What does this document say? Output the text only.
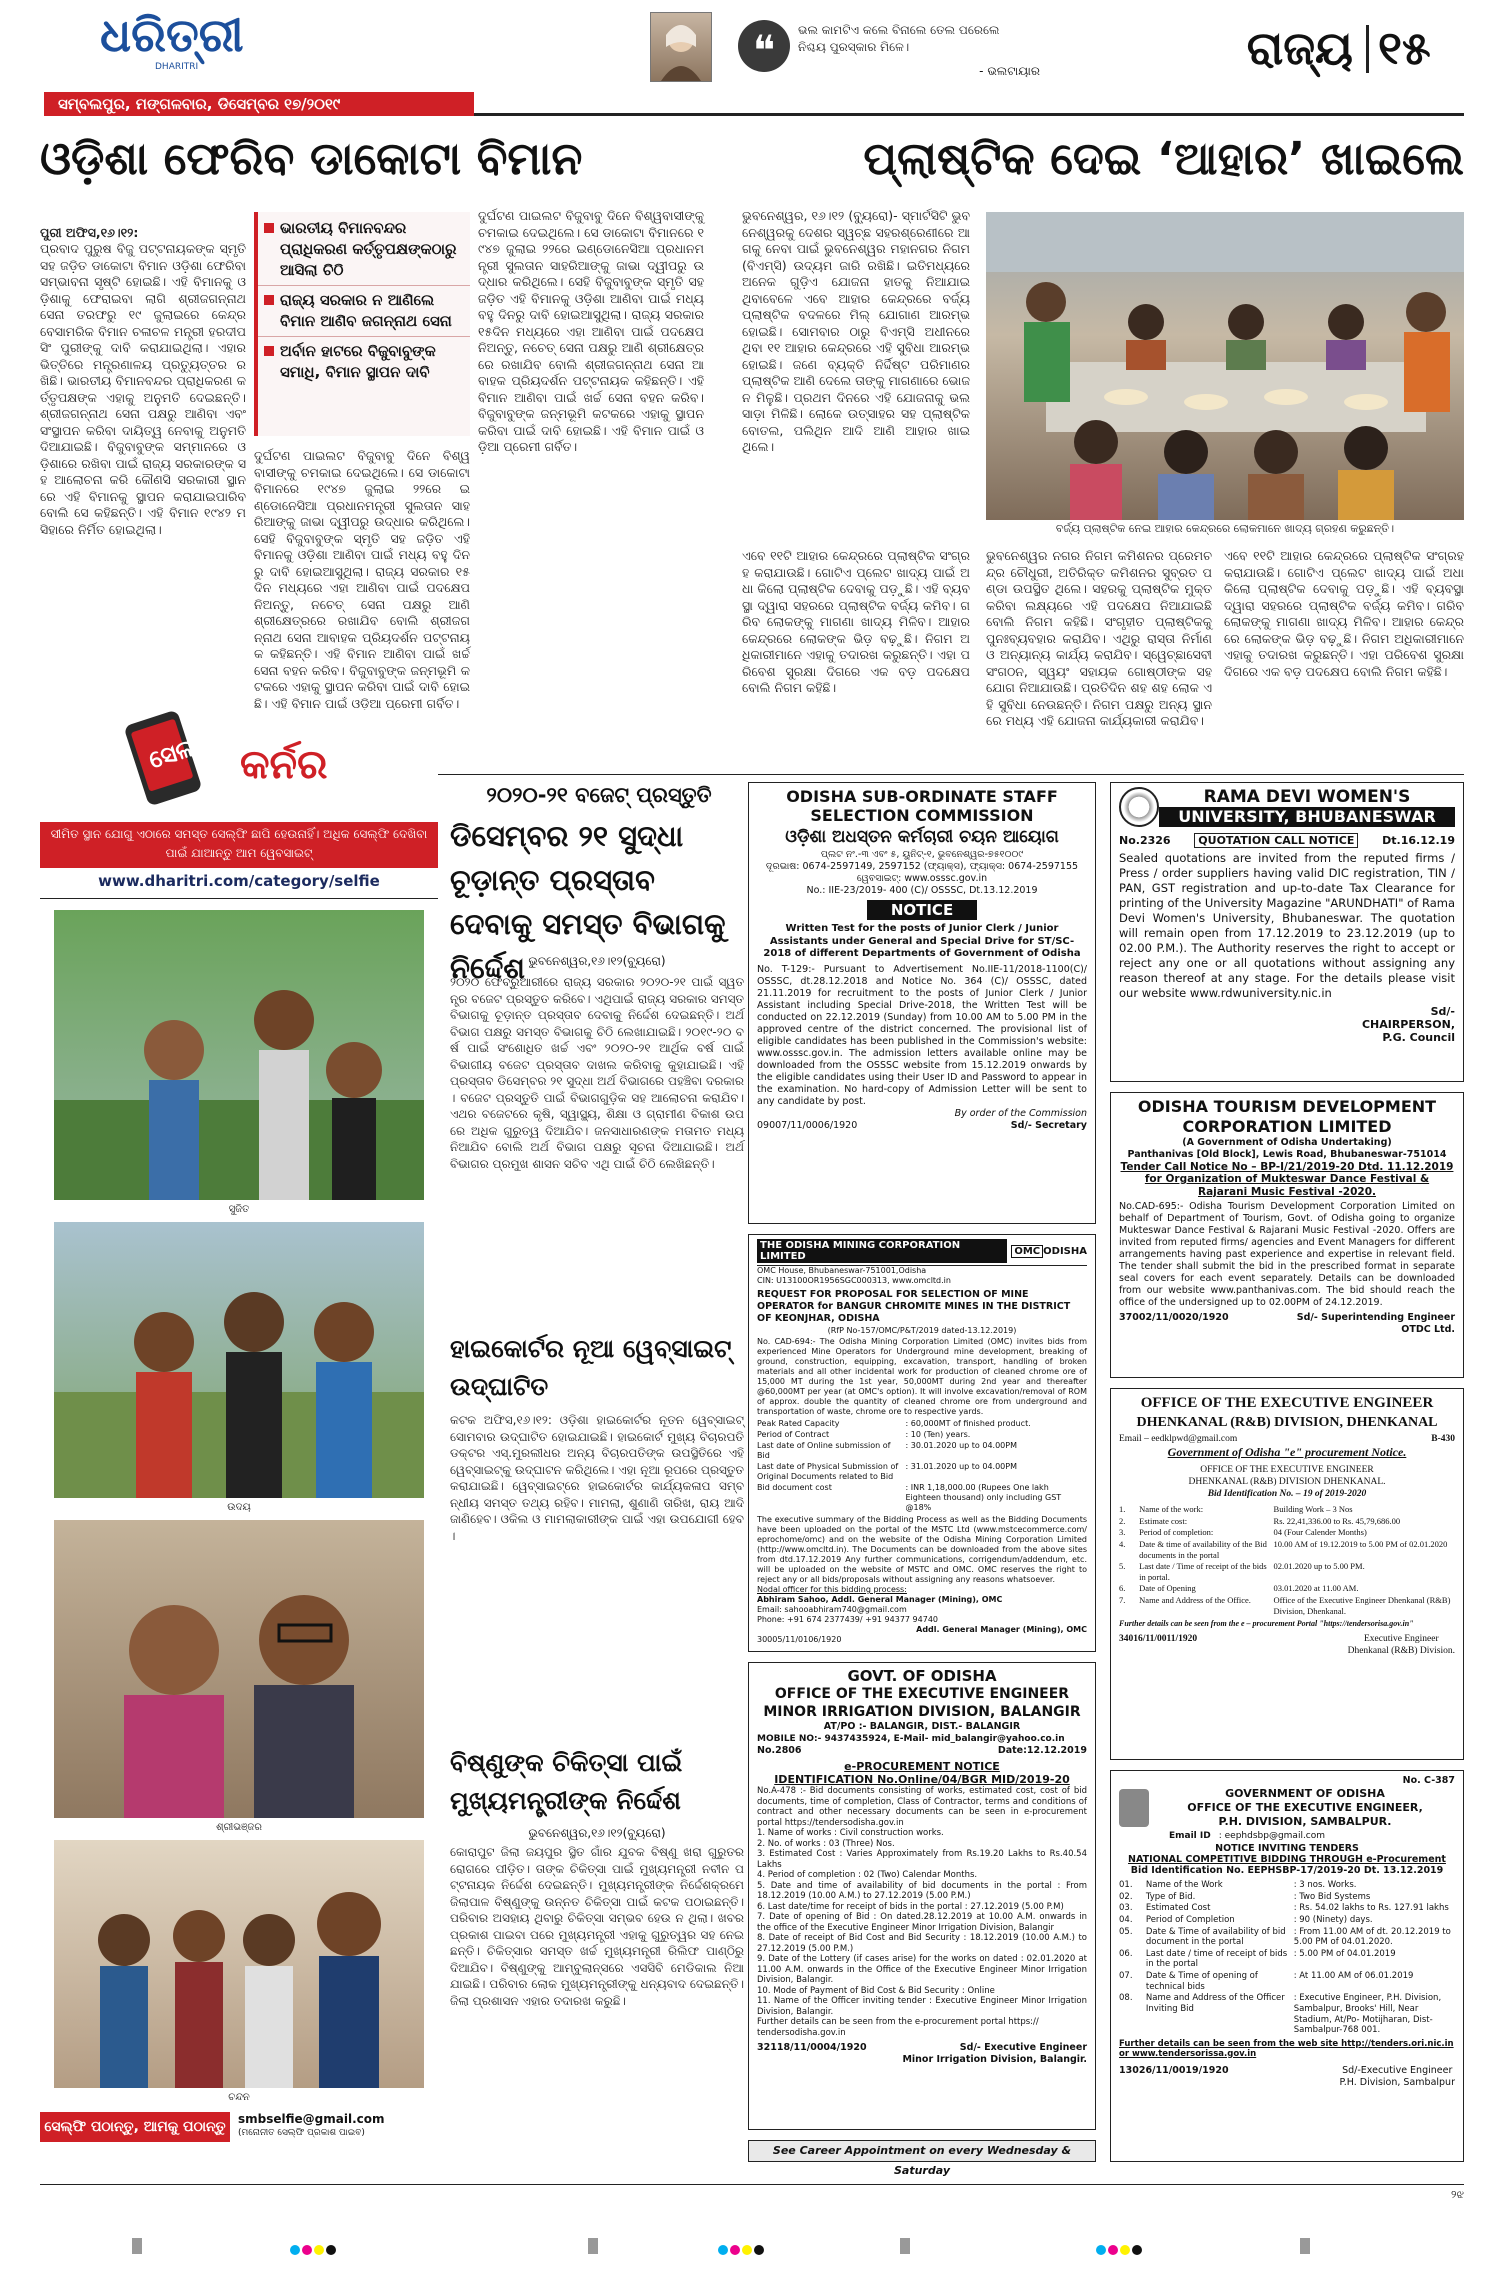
ଧରିତ୍ରୀ
DHARITRI	❝	ଭଲ କାମଟିଏ କଲେ ବିନାଲେ ତେଲ ପରେଲେ ନିଶ୍ଚୟ ପୁରସ୍କାର ମିଳେ।
- ଭଲଟାୟାର	ରାଜ୍ୟ ୧୫
ସମ୍ବଲପୁର, ମଙ୍ଗଳବାର, ଡିସେମ୍ବର ୧୭/୨୦୧୯
ଓଡ଼ିଶା ଫେରିବ ଡାକୋଟା ବିମାନ	ପ୍ଲାଷ୍ଟିକ ଦେଇ ‘ଆହାର’ ଖାଇଲେ

ପୁରୀ ଅଫିସ,୧୬।୧୨:
ପ୍ରବାଦ ପୁରୁଷ ବିଜୁ ପଟ୍ଟନାୟକଙ୍କ ସ୍ମୃତି ସହ ଜଡ଼ିତ ଡାକୋଟା ବିମାନ ଓଡ଼ିଶା ଫେରିବା ସମ୍ଭାବନା ସୃଷ୍ଟି ହୋଇଛି। ଏହି ବିମାନକୁ ଓଡ଼ିଶାକୁ ଫେରାଇବା ଲାଗି ଶ୍ରୀଜଗନ୍ନାଥ ସେନା ତରଫରୁ ୧୯ ଜୁଲାଇରେ କେନ୍ଦ୍ର ବେସାମରିକ ବିମାନ ଚଳାଚଳ ମନ୍ତ୍ରୀ ହରଦୀପ ସିଂ ପୁରୀଙ୍କୁ ଦାବି କରାଯାଇଥିଲା। ଏହାର ଭିତ୍ତିରେ ମନ୍ତ୍ରଣାଳୟ ପ୍ରତ୍ୟୁତ୍ତର ରଖିଛି। ଭାରତୀୟ ବିମାନବନ୍ଦର ପ୍ରାଧିକରଣ କର୍ତ୍ତୃପକ୍ଷଙ୍କ ଏହାକୁ ଅନୁମତି ଦେଇଛନ୍ତି। ଶ୍ରୀଜଗନ୍ନାଥ ସେନା ପକ୍ଷରୁ ଆଣିବା ଏବଂ ସଂସ୍ଥାପନ କରିବା ଦାୟିତ୍ୱ ନେବାକୁ ଅନୁମତି ଦିଆଯାଇଛି। ବିଜୁବାବୁଙ୍କ ସମ୍ମାନରେ ଓଡ଼ିଶାରେ ରଖିବା ପାଇଁ ରାଜ୍ୟ ସରକାରଙ୍କ ସହ ଆଲୋଚନା କରି କୌଣସି ସରକାରୀ ସ୍ଥାନରେ ଏହି ବିମାନକୁ ସ୍ଥାପନ କରାଯାଇପାରିବ ବୋଲି ସେ କହିଛନ୍ତି। ଏହି ବିମାନ ୧୯୪୨ ମସିହାରେ ନିର୍ମିତ ହୋଇଥିଲା।

ଭାରତୀୟ ବିମାନବନ୍ଦର ପ୍ରାଧିକରଣ କର୍ତ୍ତୃପକ୍ଷଙ୍କଠାରୁ ଆସିଲା ଚିଠି
ରାଜ୍ୟ ସରକାର ନ ଆଣିଲେ ବିମାନ ଆଣିବ ଜଗନ୍ନାଥ ସେନା
ଅର୍ବାନ ହାଟରେ ବିଜୁବାବୁଙ୍କ ସମାଧି, ବିମାନ ସ୍ଥାପନ ଦାବି
ଦୁର୍ଘଟଣ ପାଇଲଟ ବିଜୁବାବୁ ଦିନେ ବିଶ୍ୱବାସୀଙ୍କୁ ଚମକାଇ ଦେଇଥିଲେ। ସେ ଡାକୋଟା ବିମାନରେ ୧୯୪୭ ଜୁଲାଇ ୨୨ରେ ଇଣ୍ଡୋନେସିଆ ପ୍ରଧାନମନ୍ତ୍ରୀ ସୁଲତାନ ସାହରିଆଙ୍କୁ ଜାଭା ଦ୍ୱୀପରୁ ଉଦ୍ଧାର କରିଥିଲେ। ସେହି ବିଜୁବାବୁଙ୍କ ସ୍ମୃତି ସହ ଜଡ଼ିତ ଏହି ବିମାନକୁ ଓଡ଼ିଶା ଆଣିବା ପାଇଁ ମଧ୍ୟ ବହୁ ଦିନରୁ ଦାବି ହୋଇଆସୁଥିଲା। ରାଜ୍ୟ ସରକାର ୧୫ଦିନ ମଧ୍ୟରେ ଏହା ଆଣିବା ପାଇଁ ପଦକ୍ଷେପ ନିଅନ୍ତୁ, ନଚେତ୍ ସେନା ପକ୍ଷରୁ ଆଣି ଶ୍ରୀକ୍ଷେତ୍ରରେ ରଖାଯିବ ବୋଲି ଶ୍ରୀଜଗନ୍ନାଥ ସେନା ଆବାହକ ପ୍ରିୟଦର୍ଶନ ପଟ୍ଟନାୟକ କହିଛନ୍ତି। ଏହି ବିମାନ ଆଣିବା ପାଇଁ ଖର୍ଚ୍ଚ ସେନା ବହନ କରିବ। ବିଜୁବାବୁଙ୍କ ଜନ୍ମଭୂମି କଟକରେ ଏହାକୁ ସ୍ଥାପନ କରିବା ପାଇଁ ଦାବି ହୋଇଛି। ଏହି ବିମାନ ପାଇଁ ଓଡ଼ିଆ ପ୍ରେମୀ ଗର୍ବିତ।
ଦୁର୍ଘଟଣ ପାଇଲଟ ବିଜୁବାବୁ ଦିନେ ବିଶ୍ୱବାସୀଙ୍କୁ ଚମକାଇ ଦେଇଥିଲେ। ସେ ଡାକୋଟା ବିମାନରେ ୧୯୪୭ ଜୁଲାଇ ୨୨ରେ ଇଣ୍ଡୋନେସିଆ ପ୍ରଧାନମନ୍ତ୍ରୀ ସୁଲତାନ ସାହରିଆଙ୍କୁ ଜାଭା ଦ୍ୱୀପରୁ ଉଦ୍ଧାର କରିଥିଲେ। ସେହି ବିଜୁବାବୁଙ୍କ ସ୍ମୃତି ସହ ଜଡ଼ିତ ଏହି ବିମାନକୁ ଓଡ଼ିଶା ଆଣିବା ପାଇଁ ମଧ୍ୟ ବହୁ ଦିନରୁ ଦାବି ହୋଇଆସୁଥିଲା। ରାଜ୍ୟ ସରକାର ୧୫ଦିନ ମଧ୍ୟରେ ଏହା ଆଣିବା ପାଇଁ ପଦକ୍ଷେପ ନିଅନ୍ତୁ, ନଚେତ୍ ସେନା ପକ୍ଷରୁ ଆଣି ଶ୍ରୀକ୍ଷେତ୍ରରେ ରଖାଯିବ ବୋଲି ଶ୍ରୀଜଗନ୍ନାଥ ସେନା ଆବାହକ ପ୍ରିୟଦର୍ଶନ ପଟ୍ଟନାୟକ କହିଛନ୍ତି। ଏହି ବିମାନ ଆଣିବା ପାଇଁ ଖର୍ଚ୍ଚ ସେନା ବହନ କରିବ। ବିଜୁବାବୁଙ୍କ ଜନ୍ମଭୂମି କଟକରେ ଏହାକୁ ସ୍ଥାପନ କରିବା ପାଇଁ ଦାବି ହୋଇଛି। ଏହି ବିମାନ ପାଇଁ ଓଡ଼ିଆ ପ୍ରେମୀ ଗର୍ବିତ।
ଭୁବନେଶ୍ୱର, ୧୬।୧୨ (ବ୍ୟୁରୋ)- ସ୍ମାର୍ଟସିଟି ଭୁବନେଶ୍ୱରକୁ ଦେଶର ସ୍ୱଚ୍ଛ ସହରଶ୍ରେଣୀରେ ଆଗକୁ ନେବା ପାଇଁ ଭୁବନେଶ୍ୱର ମହାନଗର ନିଗମ (ବିଏମ୍‌ସି) ଉଦ୍ୟମ ଜାରି ରଖିଛି। ଇତିମଧ୍ୟରେ ଅନେକ ଗୁଡ଼ିଏ ଯୋଜନା ହାତକୁ ନିଆଯାଇଥିବାବେଳେ ଏବେ ଆହାର କେନ୍ଦ୍ରରେ ବର୍ଜ୍ୟ ପ୍ଲାଷ୍ଟିକ ବଦଳରେ ମିଲ୍ ଯୋଗାଣ ଆରମ୍ଭ ହୋଇଛି। ସୋମବାର ଠାରୁ ବିଏମ୍‌ସି ଅଧୀନରେ ଥିବା ୧୧ ଆହାର କେନ୍ଦ୍ରରେ ଏହି ସୁବିଧା ଆରମ୍ଭ ହୋଇଛି। ଜଣେ ବ୍ୟକ୍ତି ନିର୍ଦ୍ଦିଷ୍ଟ ପରିମାଣର ପ୍ଲାଷ୍ଟିକ ଆଣି ଦେଲେ ତାଙ୍କୁ ମାଗଣାରେ ଭୋଜନ ମିଳୁଛି। ପ୍ରଥମ ଦିନରେ ଏହି ଯୋଜନାକୁ ଭଲ ସାଡ଼ା ମିଳିଛି। ଲୋକେ ଉତ୍ସାହର ସହ ପ୍ଲାଷ୍ଟିକ ବୋତଲ, ପଲିଥିନ ଆଦି ଆଣି ଆହାର ଖାଇଥିଲେ।
ବର୍ଜ୍ୟ ପ୍ଲାଷ୍ଟିକ ନେଇ ଆହାର କେନ୍ଦ୍ରରେ ଲୋକମାନେ ଖାଦ୍ୟ ଗ୍ରହଣ କରୁଛନ୍ତି।
ଭୁବନେଶ୍ୱର ନଗର ନିଗମ କମିଶନର ପ୍ରେମଚନ୍ଦ୍ର ଚୌଧୁରୀ, ଅତିରିକ୍ତ କମିଶନର ସୁବ୍ରତ ପଣ୍ଡା ଉପସ୍ଥିତ ଥିଲେ। ସହରକୁ ପ୍ଲାଷ୍ଟିକ ମୁକ୍ତ କରିବା ଲକ୍ଷ୍ୟରେ ଏହି ପଦକ୍ଷେପ ନିଆଯାଇଛି ବୋଲି ନିଗମ କହିଛି। ସଂଗୃହୀତ ପ୍ଲାଷ୍ଟିକକୁ ପୁନଃବ୍ୟବହାର କରାଯିବ। ଏଥିରୁ ରାସ୍ତା ନିର୍ମାଣ ଓ ଅନ୍ୟାନ୍ୟ କାର୍ଯ୍ୟ କରାଯିବ। ସ୍ୱେଚ୍ଛାସେବୀ ସଂଗଠନ, ସ୍ୱୟଂ ସହାୟକ ଗୋଷ୍ଠୀଙ୍କ ସହଯୋଗ ନିଆଯାଉଛି। ପ୍ରତିଦିନ ଶହ ଶହ ଲୋକ ଏହି ସୁବିଧା ନେଉଛନ୍ତି। ନିଗମ ପକ୍ଷରୁ ଅନ୍ୟ ସ୍ଥାନରେ ମଧ୍ୟ ଏହି ଯୋଜନା କାର୍ଯ୍ୟକାରୀ କରାଯିବ।
ଏବେ ୧୧ଟି ଆହାର କେନ୍ଦ୍ରରେ ପ୍ଲାଷ୍ଟିକ ସଂଗ୍ରହ କରାଯାଉଛି। ଗୋଟିଏ ପ୍ଲେଟ ଖାଦ୍ୟ ପାଇଁ ଅଧା କିଲୋ ପ୍ଲାଷ୍ଟିକ ଦେବାକୁ ପଡ଼ୁଛି। ଏହି ବ୍ୟବସ୍ଥା ଦ୍ୱାରା ସହରରେ ପ୍ଲାଷ୍ଟିକ ବର୍ଜ୍ୟ କମିବ। ଗରିବ ଲୋକଙ୍କୁ ମାଗଣା ଖାଦ୍ୟ ମିଳିବ। ଆହାର କେନ୍ଦ୍ରରେ ଲୋକଙ୍କ ଭିଡ଼ ବଢ଼ୁଛି। ନିଗମ ଅଧିକାରୀମାନେ ଏହାକୁ ତଦାରଖ କରୁଛନ୍ତି। ଏହା ପରିବେଶ ସୁରକ୍ଷା ଦିଗରେ ଏକ ବଡ଼ ପଦକ୍ଷେପ ବୋଲି ନିଗମ କହିଛି।
ଏବେ ୧୧ଟି ଆହାର କେନ୍ଦ୍ରରେ ପ୍ଲାଷ୍ଟିକ ସଂଗ୍ରହ କରାଯାଉଛି। ଗୋଟିଏ ପ୍ଲେଟ ଖାଦ୍ୟ ପାଇଁ ଅଧା କିଲୋ ପ୍ଲାଷ୍ଟିକ ଦେବାକୁ ପଡ଼ୁଛି। ଏହି ବ୍ୟବସ୍ଥା ଦ୍ୱାରା ସହରରେ ପ୍ଲାଷ୍ଟିକ ବର୍ଜ୍ୟ କମିବ। ଗରିବ ଲୋକଙ୍କୁ ମାଗଣା ଖାଦ୍ୟ ମିଳିବ। ଆହାର କେନ୍ଦ୍ରରେ ଲୋକଙ୍କ ଭିଡ଼ ବଢ଼ୁଛି। ନିଗମ ଅଧିକାରୀମାନେ ଏହାକୁ ତଦାରଖ କରୁଛନ୍ତି। ଏହା ପରିବେଶ ସୁରକ୍ଷା ଦିଗରେ ଏକ ବଡ଼ ପଦକ୍ଷେପ ବୋଲି ନିଗମ କହିଛି।
ସେଲ୍ଫି କର୍ନର
ସୀମିତ ସ୍ଥାନ ଯୋଗୁ ଏଠାରେ ସମସ୍ତ ସେଲ୍ଫି ଛାପି ହେଉନାହିଁ। ଅଧିକ ସେଲ୍ଫି ଦେଖିବା ପାଇଁ ଯାଆନ୍ତୁ ଆମ ୱେବସାଇଟ୍
www.dharitri.com/category/selfie
ସୁଜିତ
ଉଦୟ
ଶ୍ରୀଭଞ୍ଜର
ଚନ୍ଦନ
ସେଲ୍ଫି ପଠାନ୍ତୁ, ଆମକୁ ପଠାନ୍ତୁ	smbselfie@gmail.com
(ମନୋନୀତ ସେଲ୍ଫି ପ୍ରକାଶ ପାଇବ)
୨୦୨୦-୨୧ ବଜେଟ୍ ପ୍ରସ୍ତୁତି
ଡିସେମ୍ବର ୨୧ ସୁଦ୍ଧା ଚୂଡ଼ାନ୍ତ ପ୍ରସ୍ତାବ ଦେବାକୁ ସମସ୍ତ ବିଭାଗକୁ ନିର୍ଦ୍ଦେଶ ଭୁବନେଶ୍ୱର,୧୬।୧୨(ବ୍ୟୁରୋ)
୨୦୨୦ ଫେବ୍ରୁଆରୀରେ ରାଜ୍ୟ ସରକାର ୨୦୨୦-୨୧ ପାଇଁ ସ୍ୱତନ୍ତ୍ର ବଜେଟ ପ୍ରସ୍ତୁତ କରିବେ। ଏଥିପାଇଁ ରାଜ୍ୟ ସରକାର ସମସ୍ତ ବିଭାଗକୁ ଚୂଡ଼ାନ୍ତ ପ୍ରସ୍ତାବ ଦେବାକୁ ନିର୍ଦ୍ଦେଶ ଦେଇଛନ୍ତି। ଅର୍ଥ ବିଭାଗ ପକ୍ଷରୁ ସମସ୍ତ ବିଭାଗକୁ ଚିଠି ଲେଖାଯାଇଛି। ୨୦୧୯-୨୦ ବର୍ଷ ପାଇଁ ସଂଶୋଧିତ ଖର୍ଚ୍ଚ ଏବଂ ୨୦୨୦-୨୧ ଆର୍ଥିକ ବର୍ଷ ପାଇଁ ବିଭାଗୀୟ ବଜେଟ ପ୍ରସ୍ତାବ ଦାଖଲ କରିବାକୁ କୁହାଯାଇଛି। ଏହି ପ୍ରସ୍ତାବ ଡିସେମ୍ବର ୨୧ ସୁଦ୍ଧା ଅର୍ଥ ବିଭାଗରେ ପହଞ୍ଚିବା ଦରକାର। ବଜେଟ ପ୍ରସ୍ତୁତି ପାଇଁ ବିଭାଗଗୁଡ଼ିକ ସହ ଆଲୋଚନା କରାଯିବ। ଏଥର ବଜେଟରେ କୃଷି, ସ୍ୱାସ୍ଥ୍ୟ, ଶିକ୍ଷା ଓ ଗ୍ରାମୀଣ ବିକାଶ ଉପରେ ଅଧିକ ଗୁରୁତ୍ୱ ଦିଆଯିବ। ଜନସାଧାରଣଙ୍କ ମତାମତ ମଧ୍ୟ ନିଆଯିବ ବୋଲି ଅର୍ଥ ବିଭାଗ ପକ୍ଷରୁ ସୂଚନା ଦିଆଯାଇଛି। ଅର୍ଥ ବିଭାଗର ପ୍ରମୁଖ ଶାସନ ସଚିବ ଏଥି ପାଇଁ ଚିଠି ଲେଖିଛନ୍ତି।
ହାଇକୋର୍ଟର ନୂଆ ୱେବ୍‌ସାଇଟ୍ ଉଦ୍‌ଘାଟିତ
କଟକ ଅଫିସ,୧୬।୧୨: ଓଡ଼ିଶା ହାଇକୋର୍ଟର ନୂତନ ୱେବ୍‌ସାଇଟ୍ ସୋମବାର ଉଦ୍‌ଘାଟିତ ହୋଇଯାଇଛି। ହାଇକୋର୍ଟ ମୁଖ୍ୟ ବିଚାରପତି ଡକ୍ଟର ଏସ୍‌.ମୁରଲୀଧର ଅନ୍ୟ ବିଚାରପତିଙ୍କ ଉପସ୍ଥିତିରେ ଏହି ୱେବ୍‌ସାଇଟ୍‌କୁ ଉଦ୍‌ଘାଟନ କରିଥିଲେ। ଏହା ନୂଆ ରୂପରେ ପ୍ରସ୍ତୁତ କରାଯାଇଛି। ୱେବ୍‌ସାଇଟ୍‌ରେ ହାଇକୋର୍ଟର କାର୍ଯ୍ୟକଳାପ ସମ୍ବନ୍ଧୀୟ ସମସ୍ତ ତଥ୍ୟ ରହିବ। ମାମଲା, ଶୁଣାଣି ତାରିଖ, ରାୟ ଆଦି ଜାଣିହେବ। ଓକିଲ ଓ ମାମଲାକାରୀଙ୍କ ପାଇଁ ଏହା ଉପଯୋଗୀ ହେବ।
ବିଷ୍ଣୁଙ୍କ ଚିକିତ୍ସା ପାଇଁ ମୁଖ୍ୟମନ୍ତ୍ରୀଙ୍କ ନିର୍ଦ୍ଦେଶ
ଭୁବନେଶ୍ୱର,୧୬।୧୨(ବ୍ୟୁରୋ)
କୋରାପୁଟ ଜିଲା ଜୟପୁର ସ୍ଥିତ ଗାଁର ଯୁବକ ବିଷ୍ଣୁ ଖରା ଗୁରୁତର ରୋଗରେ ପୀଡ଼ିତ। ତାଙ୍କ ଚିକିତ୍ସା ପାଇଁ ମୁଖ୍ୟମନ୍ତ୍ରୀ ନବୀନ ପଟ୍ଟନାୟକ ନିର୍ଦ୍ଦେଶ ଦେଇଛନ୍ତି। ମୁଖ୍ୟମନ୍ତ୍ରୀଙ୍କ ନିର୍ଦ୍ଦେଶକ୍ରମେ ଜିଲାପାଳ ବିଷ୍ଣୁଙ୍କୁ ଉନ୍ନତ ଚିକିତ୍ସା ପାଇଁ କଟକ ପଠାଇଛନ୍ତି। ପରିବାର ଅସହାୟ ଥିବାରୁ ଚିକିତ୍ସା ସମ୍ଭବ ହେଉ ନ ଥିଲା। ଖବର ପ୍ରକାଶ ପାଇବା ପରେ ମୁଖ୍ୟମନ୍ତ୍ରୀ ଏହାକୁ ଗୁରୁତ୍ୱର ସହ ନେଇଛନ୍ତି। ଚିକିତ୍ସାର ସମସ୍ତ ଖର୍ଚ୍ଚ ମୁଖ୍ୟମନ୍ତ୍ରୀ ରିଲିଫ ପାଣ୍ଠିରୁ ଦିଆଯିବ। ବିଷ୍ଣୁଙ୍କୁ ଆମ୍ବୁଲାନ୍ସରେ ଏସସିବି ମେଡିକାଲ ନିଆଯାଇଛି। ପରିବାର ଲୋକ ମୁଖ୍ୟମନ୍ତ୍ରୀଙ୍କୁ ଧନ୍ୟବାଦ ଦେଇଛନ୍ତି। ଜିଲା ପ୍ରଶାସନ ଏହାର ତଦାରଖ କରୁଛି।
ODISHA SUB-ORDINATE STAFF SELECTION COMMISSION
ଓଡ଼ିଶା ଅଧସ୍ତନ କର୍ମଚାରୀ ଚୟନ ଆୟୋଗ
ପ୍ଲଟ ନଂ.-୩ ଏବଂ ୫, ୟୁନିଟ୍-୧, ଭୁବନେଶ୍ୱର-୭୫୧୦୦୯
ଦୂରଭାଷ: 0674-2597149, 2597152 (ଫ୍ୟାକ୍ସ), ଫ୍ୟାକ୍ସ: 0674-2597155
ୱେବସାଇଟ୍: www.osssc.gov.in
No.: IIE-23/2019- 400 (C)/ OSSSC, Dt.13.12.2019
NOTICE
Written Test for the posts of Junior Clerk / Junior Assistants under General and Special Drive for ST/SC-2018 of different Departments of Government of Odisha
No. T-129:- Pursuant to Advertisement No.IIE-11/2018-1100(C)/ OSSSC, dt.28.12.2018 and Notice No. 364 (C)/ OSSSC, dated 21.11.2019 for recruitment to the posts of Junior Clerk / Junior Assistant including Special Drive-2018, the Written Test will be conducted on 22.12.2019 (Sunday) from 10.00 AM to 5.00 PM in the approved centre of the district concerned. The provisional list of eligible candidates has been published in the Commission's website: www.osssc.gov.in. The admission letters available online may be downloaded from the OSSSC website from 15.12.2019 onwards by the eligible candidates using their User ID and Password to appear in the examination. No hard-copy of Admission Letter will be sent to any candidate by post.
By order of the Commission
09007/11/0006/1920	Sd/- Secretary
THE ODISHA MINING CORPORATION LIMITED	OMC ODISHA
OMC House, Bhubaneswar-751001,Odisha
CIN: U13100OR1956SGC000313, www.omcltd.in
REQUEST FOR PROPOSAL FOR SELECTION OF MINE OPERATOR for BANGUR CHROMITE MINES IN THE DISTRICT OF KEONJHAR, ODISHA
(RfP No-157/OMC/P&T/2019 dated-13.12.2019)
No. CAD-694:- The Odisha Mining Corporation Limited (OMC) invites bids from experienced Mine Operators for Underground mine development, breaking of ground, construction, equipping, excavation, transport, handling of broken materials and all other incidental work for production of cleaned chrome ore of 15,000 MT during the 1st year, 50,000MT during 2nd year and thereafter @60,000MT per year (at OMC's option). It will involve excavation/removal of ROM of approx. double the quantity of cleaned chrome ore from underground and transportation of waste, chrome ore to respective yards.
Peak Rated Capacity	: 60,000MT of finished product.
Period of Contract	: 10 (Ten) years.
Last date of Online submission of Bid
: 30.01.2020 up to 04.00PM
Last date of Physical Submission of Original Documents related to Bid
: 31.01.2020 up to 04.00PM
Bid document cost	: INR 1,18,000.00 (Rupees One lakh Eighteen thousand) only including GST @18%
The executive summary of the Bidding Process as well as the Bidding Documents have been uploaded on the portal of the MSTC Ltd (www.mstcecommerce.com/ eprochome/omc) and on the website of the Odisha Mining Corporation Limited (http://www.omcltd.in). The Documents can be downloaded from the above sites from dtd.17.12.2019 Any further communications, corrigendum/addendum, etc. will be uploaded on the website of MSTC and OMC. OMC reserves the right to reject any or all bids/proposals without assigning any reasons whatsoever.
Nodal officer for this bidding process:
Abhiram Sahoo, Addl. General Manager (Mining), OMC
Email: sahooabhiram740@gmail.com
Phone: +91 674 2377439/ +91 94377 94740
Addl. General Manager (Mining), OMC
30005/11/0106/1920
GOVT. OF ODISHA
OFFICE OF THE EXECUTIVE ENGINEER
MINOR IRRIGATION DIVISION, BALANGIR
AT/PO :- BALANGIR, DIST.- BALANGIR
MOBILE NO:- 9437435924, E-Mail- mid_balangir@yahoo.co.in
No.2806	Date:12.12.2019
e-PROCUREMENT NOTICE
IDENTIFICATION No.Online/04/BGR MID/2019-20
No.A-478 :- Bid documents consisting of works, estimated cost, cost of bid documents, time of completion, Class of Contractor, terms and conditions of contract and other necessary documents can be seen in e-procurement portal https://tendersodisha.gov.in
1. Name of works : Civil construction works.
2. No. of works : 03 (Three) Nos.
3. Estimated Cost : Varies Approximately from Rs.19.20 Lakhs to Rs.40.54 Lakhs
4. Period of completion : 02 (Two) Calendar Months.
5. Date and time of availability of bid documents in the portal : From 18.12.2019 (10.00 A.M.) to 27.12.2019 (5.00 P.M.)
6. Last date/time for receipt of bids in the portal : 27.12.2019 (5.00 P.M)
7. Date of opening of Bid : On dated.28.12.2019 at 10.00 A.M. onwards in the office of the Executive Engineer Minor Irrigation Division, Balangir
8. Date of receipt of Bid Cost and Bid Security : 18.12.2019 (10.00 A.M.) to 27.12.2019 (5.00 P.M.)
9. Date of the Lottery (if cases arise) for the works on dated : 02.01.2020 at 11.00 A.M. onwards in the Office of the Executive Engineer Minor Irrigation Division, Balangir.
10. Mode of Payment of Bid Cost & Bid Security : Online
11. Name of the Officer inviting tender : Executive Engineer Minor Irrigation Division, Balangir.
Further details can be seen from the e-procurement portal https:// tendersodisha.gov.in
32118/11/0004/1920	Sd/- Executive Engineer
Minor Irrigation Division, Balangir.
See Career Appointment on every Wednesday & Saturday
RAMA DEVI WOMEN'S
UNIVERSITY, BHUBANESWAR
No.2326	QUOTATION CALL NOTICE	Dt.16.12.19
Sealed quotations are invited from the reputed firms / Press / order suppliers having valid DIC registration, TIN / PAN, GST registration and up-to-date Tax Clearance for printing of the University Magazine "ARUNDHATI" of Rama Devi Women's University, Bhubaneswar. The quotation will remain open from 17.12.2019 to 23.12.2019 (up to 02.00 P.M.). The Authority reserves the right to accept or reject any one or all quotations without assigning any reason thereof at any stage. For the details please visit our website www.rdwuniversity.nic.in
Sd/-
CHAIRPERSON,
P.G. Council
ODISHA TOURISM DEVELOPMENT
CORPORATION LIMITED
(A Government of Odisha Undertaking)
Panthanivas [Old Block], Lewis Road, Bhubaneswar-751014
Tender Call Notice No – BP-I/21/2019-20 Dtd. 11.12.2019
for Organization of Mukteswar Dance Festival & Rajarani Music Festival -2020.
No.CAD-695:- Odisha Tourism Development Corporation Limited on behalf of Department of Tourism, Govt. of Odisha going to organize Mukteswar Dance Festival & Rajarani Music Festival -2020. Offers are invited from reputed firms/ agencies and Event Managers for different arrangements having past experience and expertise in relevant field. The tender shall submit the bid in the prescribed format in separate seal covers for each event separately. Details can be downloaded from our website www.panthanivas.com. The bid should reach the office of the undersigned up to 02.00PM of 24.12.2019.
37002/11/0020/1920	Sd/- Superintending Engineer
OTDC Ltd.
OFFICE OF THE EXECUTIVE ENGINEER
DHENKANAL (R&B) DIVISION, DHENKANAL
Email – eedklpwd@gmail.com	B-430
Government of Odisha "e" procurement Notice.
OFFICE OF THE EXECUTIVE ENGINEER
DHENKANAL (R&B) DIVISION DHENKANAL.
Bid Identification No. – 19 of 2019-2020
1.	Name of the work:	Building Work – 3 Nos
2.	Estimate cost:	Rs. 22,41,336.00 to Rs. 45,79,686.00
3.	Period of completion:	04 (Four Calender Months)
4.	Date & time of availability of the Bid documents in the portal
10.00 AM of 19.12.2019 to 5.00 PM of 02.01.2020
5.	Last date / Time of receipt of the bids in portal.
02.01.2020 up to 5.00 PM.
6.	Date of Opening	03.01.2020 at 11.00 AM.
7.	Name and Address of the Office.	Office of the Executive Engineer Dhenkanal (R&B) Division, Dhenkanal.
Further details can be seen from the e – procurement Portal "https://tendersorisa.gov.in"
34016/11/0011/1920	Executive Engineer
Dhenkanal (R&B) Division.
No. C-387
GOVERNMENT OF ODISHA
OFFICE OF THE EXECUTIVE ENGINEER,
P.H. DIVISION, SAMBALPUR.
Email ID : eephdsbp@gmail.com
NOTICE INVITING TENDERS
NATIONAL COMPETITIVE BIDDING THROUGH e-Procurement
Bid Identification No. EEPHSBP-17/2019-20 Dt. 13.12.2019
01.	Name of the Work	: 3 nos. Works.
02.	Type of Bid.	: Two Bid Systems
03.	Estimated Cost	: Rs. 54.02 lakhs to Rs. 127.91 lakhs
04.	Period of Completion	: 90 (Ninety) days.
05.	Date & Time of availability of bid document in the portal
: From 11.00 AM of dt. 20.12.2019 to 5.00 PM of 04.01.2020.
06.	Last date / time of receipt of bids in the portal
: 5.00 PM of 04.01.2019
07.	Date & Time of opening of technical bids
: At 11.00 AM of 06.01.2019
08.	Name and Address of the Officer Inviting Bid
: Executive Engineer, P.H. Division, Sambalpur, Brooks' Hill, Near Stadium, At/Po- Motijharan, Dist- Sambalpur-768 001.
Further details can be seen from the web site http://tenders.ori.nic.in
or www.tendersorissa.gov.in
13026/11/0019/1920	Sd/-Executive Engineer
P.H. Division, Sambalpur
୨ଝ
